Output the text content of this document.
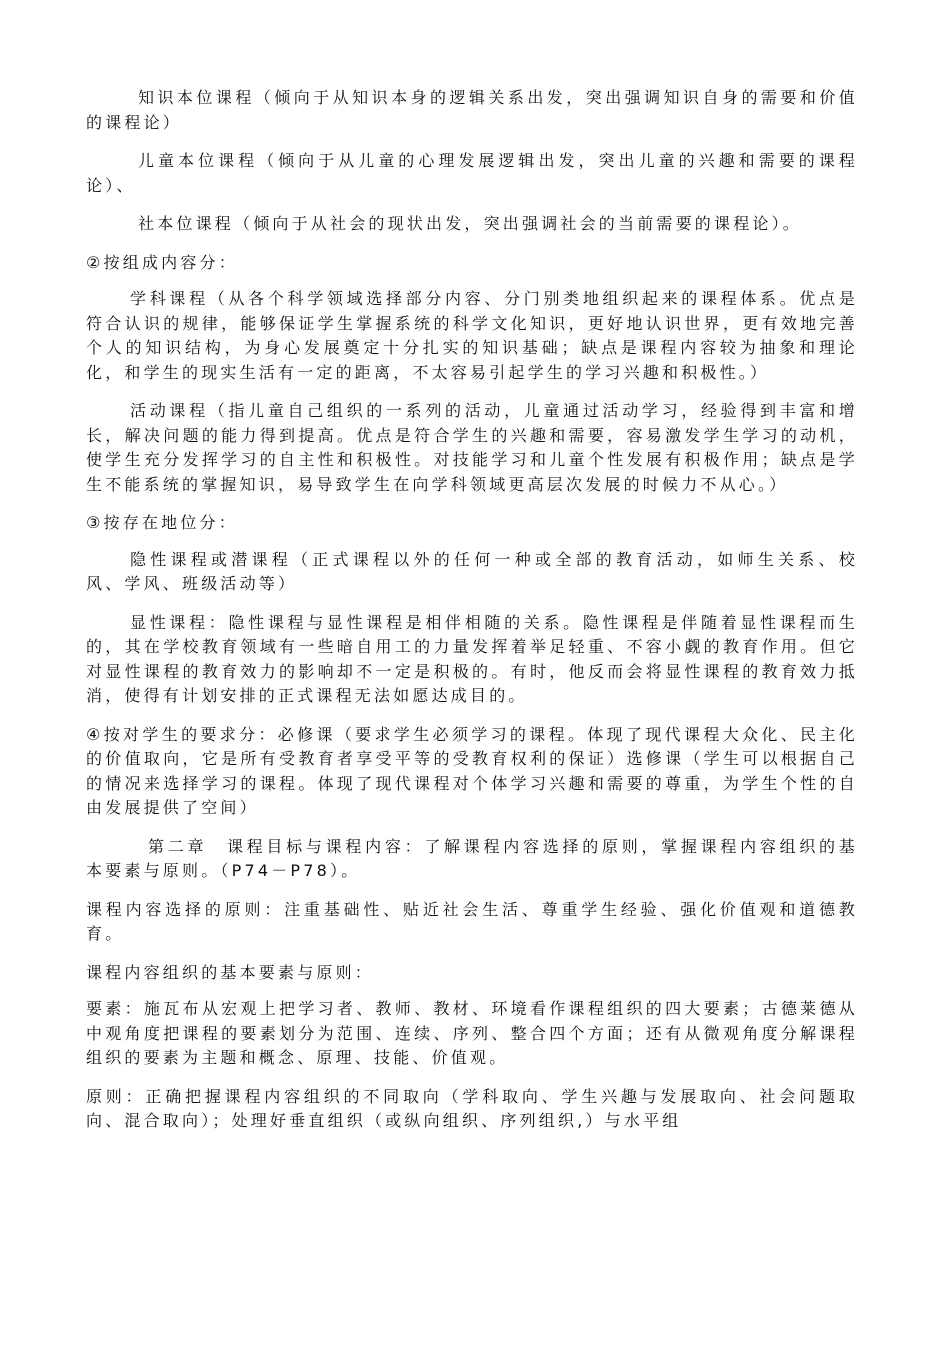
知识本位课程（倾向于从知识本身的逻辑关系出发，突出强调知识自身的需要和价值的课程论）

儿童本位课程（倾向于从儿童的心理发展逻辑出发，突出儿童的兴趣和需要的课程论）、

社本位课程（倾向于从社会的现状出发，突出强调社会的当前需要的课程论）。

②按组成内容分：

学科课程（从各个科学领域选择部分内容、分门别类地组织起来的课程体系。优点是符合认识的规律，能够保证学生掌握系统的科学文化知识，更好地认识世界，更有效地完善个人的知识结构，为身心发展奠定十分扎实的知识基础；缺点是课程内容较为抽象和理论化，和学生的现实生活有一定的距离，不太容易引起学生的学习兴趣和积极性。）

活动课程（指儿童自己组织的一系列的活动，儿童通过活动学习，经验得到丰富和增长，解决问题的能力得到提高。优点是符合学生的兴趣和需要，容易激发学生学习的动机，使学生充分发挥学习的自主性和积极性。对技能学习和儿童个性发展有积极作用；缺点是学生不能系统的掌握知识，易导致学生在向学科领域更高层次发展的时候力不从心。）

③按存在地位分：

隐性课程或潜课程（正式课程以外的任何一种或全部的教育活动，如师生关系、校风、学风、班级活动等）

显性课程：隐性课程与显性课程是相伴相随的关系。隐性课程是伴随着显性课程而生的，其在学校教育领域有一些暗自用工的力量发挥着举足轻重、不容小觑的教育作用。但它对显性课程的教育效力的影响却不一定是积极的。有时，他反而会将显性课程的教育效力抵消，使得有计划安排的正式课程无法如愿达成目的。

④按对学生的要求分：必修课（要求学生必须学习的课程。体现了现代课程大众化、民主化的价值取向，它是所有受教育者享受平等的受教育权利的保证）选修课（学生可以根据自己的情况来选择学习的课程。体现了现代课程对个体学习兴趣和需要的尊重，为学生个性的自由发展提供了空间）

第二章　课程目标与课程内容：了解课程内容选择的原则，掌握课程内容组织的基本要素与原则。（P74－P78）。

课程内容选择的原则：注重基础性、贴近社会生活、尊重学生经验、强化价值观和道德教育。

课程内容组织的基本要素与原则：

要素：施瓦布从宏观上把学习者、教师、教材、环境看作课程组织的四大要素；古德莱德从中观角度把课程的要素划分为范围、连续、序列、整合四个方面；还有从微观角度分解课程组织的要素为主题和概念、原理、技能、价值观。

原则：正确把握课程内容组织的不同取向（学科取向、学生兴趣与发展取向、社会问题取向、混合取向）；处理好垂直组织（或纵向组织、序列组织,）与水平组
